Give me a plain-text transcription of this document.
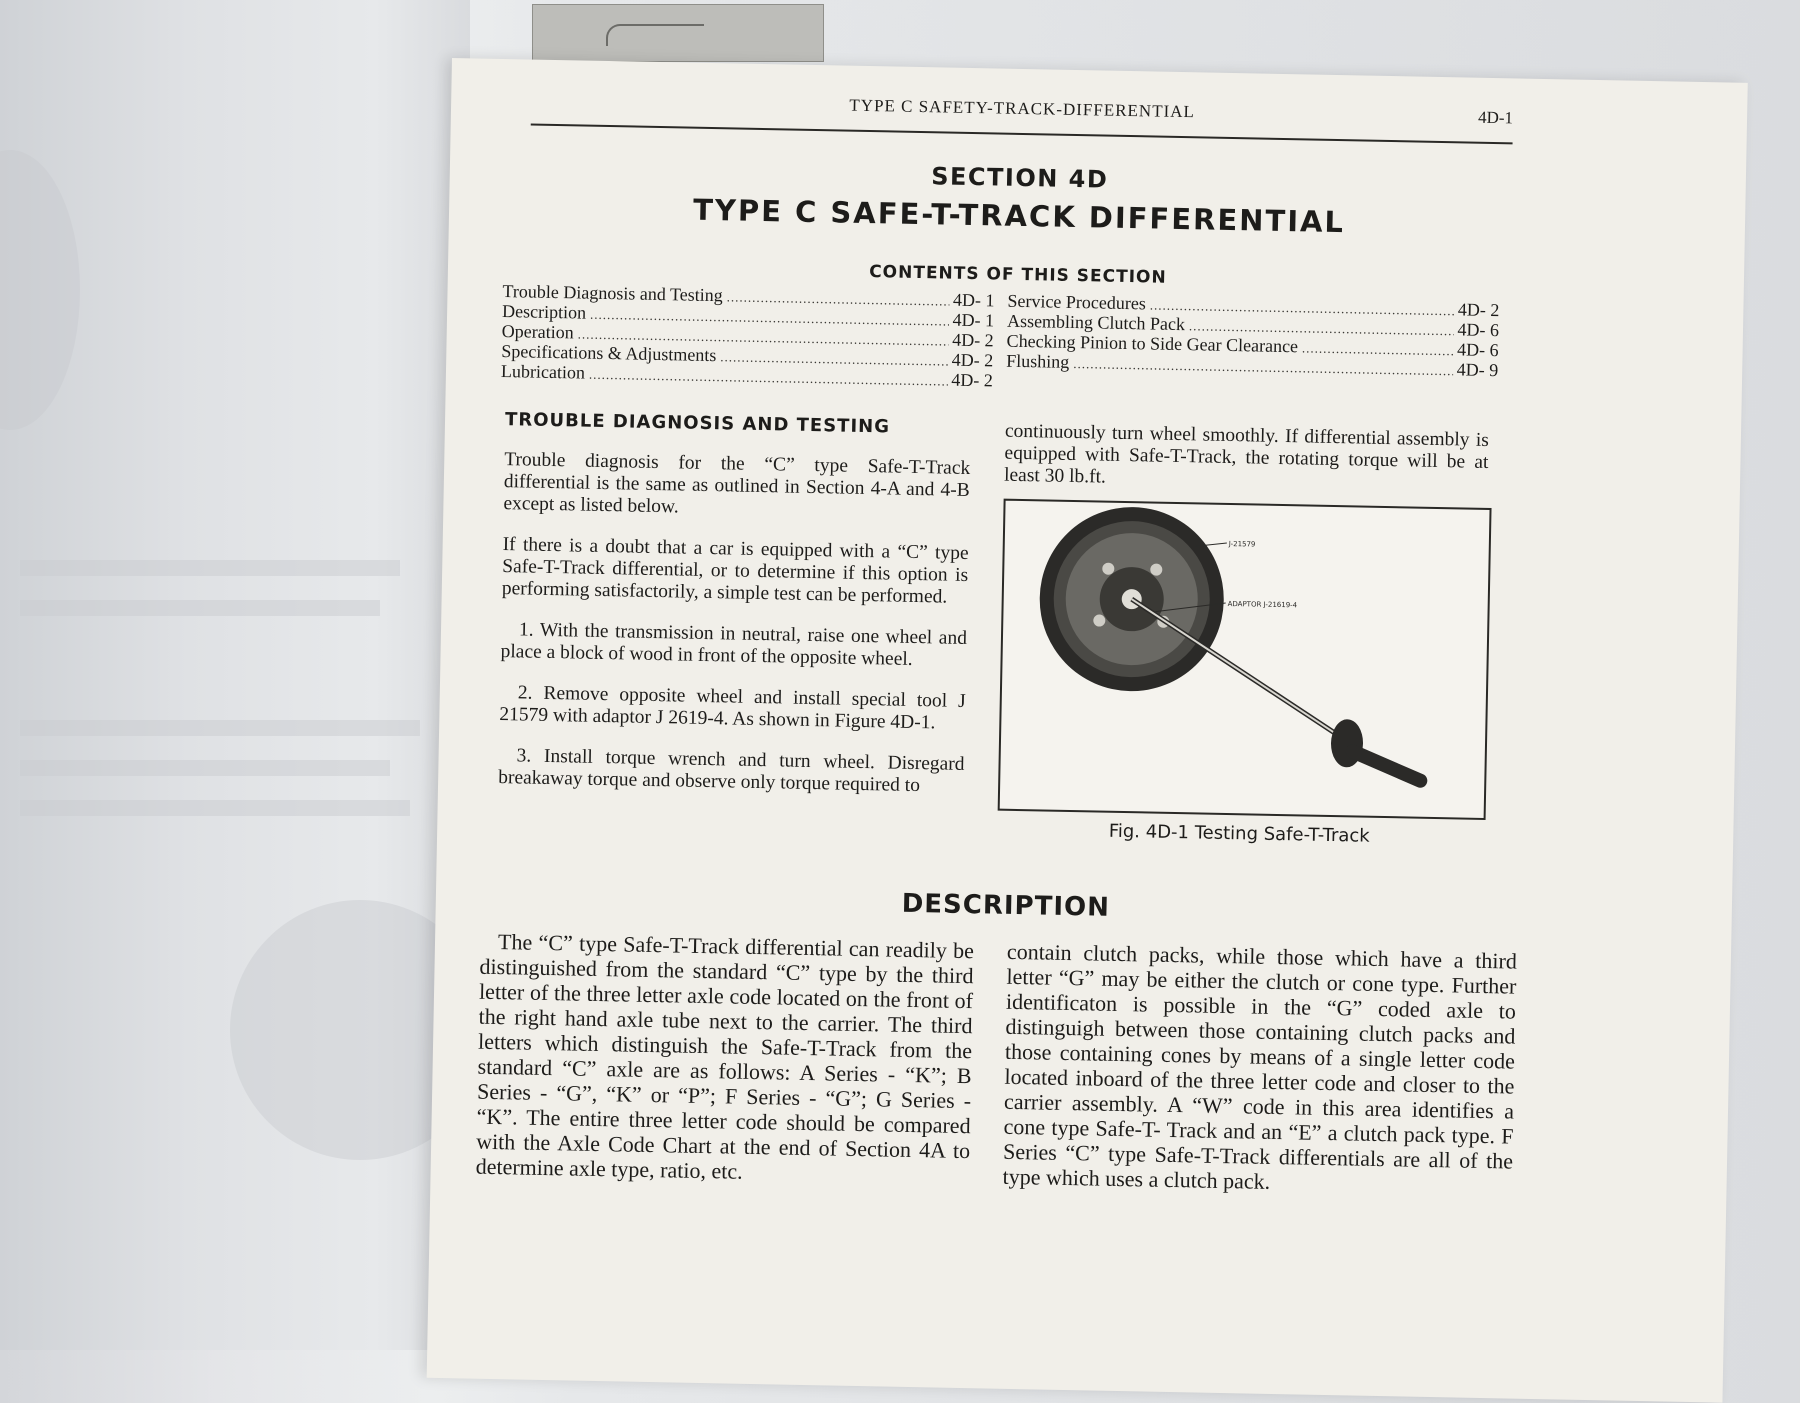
TYPE C SAFETY-TRACK-DIFFERENTIAL	4D-1
SECTION 4D
TYPE C SAFE-T-TRACK DIFFERENTIAL
CONTENTS OF THIS SECTION
Trouble Diagnosis and Testing .....	4D- 1
Description .....	4D- 1
Operation .....	4D- 2
Specifications & Adjustments .....	4D- 2
Lubrication .....	4D- 2
Service Procedures .....	4D- 2
Assembling Clutch Pack .....	4D- 6
Checking Pinion to Side Gear Clearance .....	4D- 6
Flushing .....	4D- 9
TROUBLE DIAGNOSIS AND TESTING

Trouble diagnosis for the “C” type Safe-T-Track differential is the same as outlined in Section 4-A and 4-B except as listed below.

If there is a doubt that a car is equipped with a “C” type Safe-T-Track differential, or to determine if this option is performing satisfactorily, a simple test can be performed.

1. With the transmission in neutral, raise one wheel and place a block of wood in front of the opposite wheel.

2. Remove opposite wheel and install special tool J 21579 with adaptor J 2619-4. As shown in Figure 4D-1.

3. Install torque wrench and turn wheel. Disregard breakaway torque and observe only torque required to

continuously turn wheel smoothly. If differential assembly is equipped with Safe-T-Track, the rotating torque will be at least 30 lb.ft.
J-21579
ADAPTOR J-21619-4
Fig. 4D-1 Testing Safe-T-Track
DESCRIPTION

The “C” type Safe-T-Track differential can readily be distinguished from the standard “C” type by the third letter of the three letter axle code located on the front of the right hand axle tube next to the carrier. The third letters which distinguish the Safe-T-Track from the standard “C” axle are as follows: A Series - “K”; B Series - “G”, “K” or “P”; F Series - “G”; G Series - “K”. The entire three letter code should be compared with the Axle Code Chart at the end of Section 4A to determine axle type, ratio, etc.

contain clutch packs, while those which have a third letter “G” may be either the clutch or cone type. Further identificaton is possible in the “G” coded axle to distinguigh between those containing clutch packs and those containing cones by means of a single letter code located inboard of the three letter code and closer to the carrier assembly. A “W” code in this area identifies a cone type Safe-T- Track and an “E” a clutch pack type. F Series “C” type Safe-T-Track differentials are all of the type which uses a clutch pack.
